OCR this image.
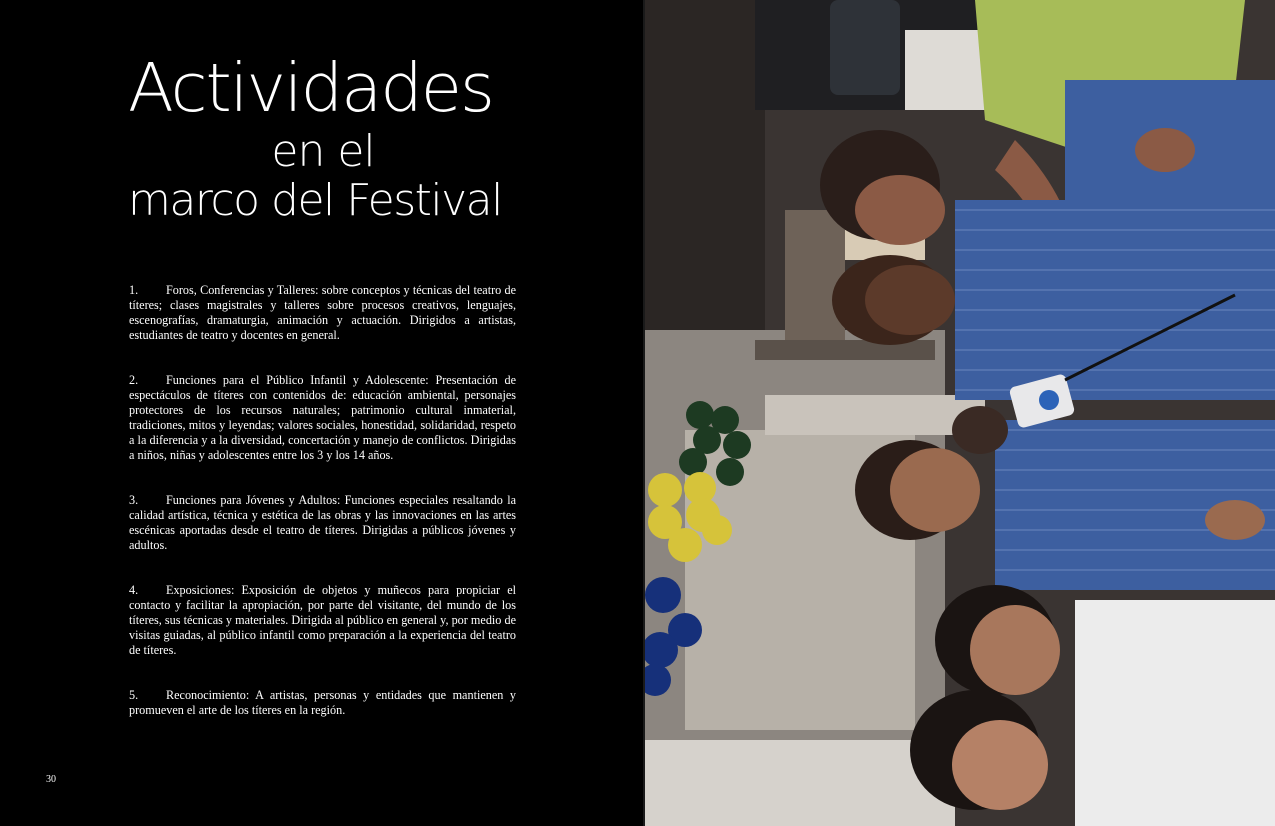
Actividades
en el
marco del Festival

1. Foros, Conferencias y Talleres: sobre conceptos y técnicas del teatro de títeres; clases magistrales y talleres sobre procesos creativos, lenguajes, escenografías, dramaturgia, animación y actuación. Dirigidos a artistas, estudiantes de teatro y docentes en general.

2. Funciones para el Público Infantil y Adolescente: Presentación de espectáculos de títeres con contenidos de: educación ambiental, personajes protectores de los recursos naturales; patrimonio cultural inmaterial, tradiciones, mitos y leyendas; valores sociales, honestidad, solidaridad, respeto a la diferencia y a la diversidad, concertación y manejo de conflictos. Dirigidas a niños, niñas y adolescentes entre los 3 y los 14 años.

3. Funciones para Jóvenes y Adultos: Funciones especiales resaltando la calidad artística, técnica y estética de las obras y las innovaciones en las artes escénicas aportadas desde el teatro de títeres. Dirigidas a públicos jóvenes y adultos.

4. Exposiciones: Exposición de objetos y muñecos para propiciar el contacto y facilitar la apropiación, por parte del visitante, del mundo de los títeres, sus técnicas y materiales. Dirigida al público en general y, por medio de visitas guiadas, al público infantil como preparación a la experiencia del teatro de títeres.

5. Reconocimiento: A artistas, personas y entidades que mantienen y promueven el arte de los títeres en la región.

30
